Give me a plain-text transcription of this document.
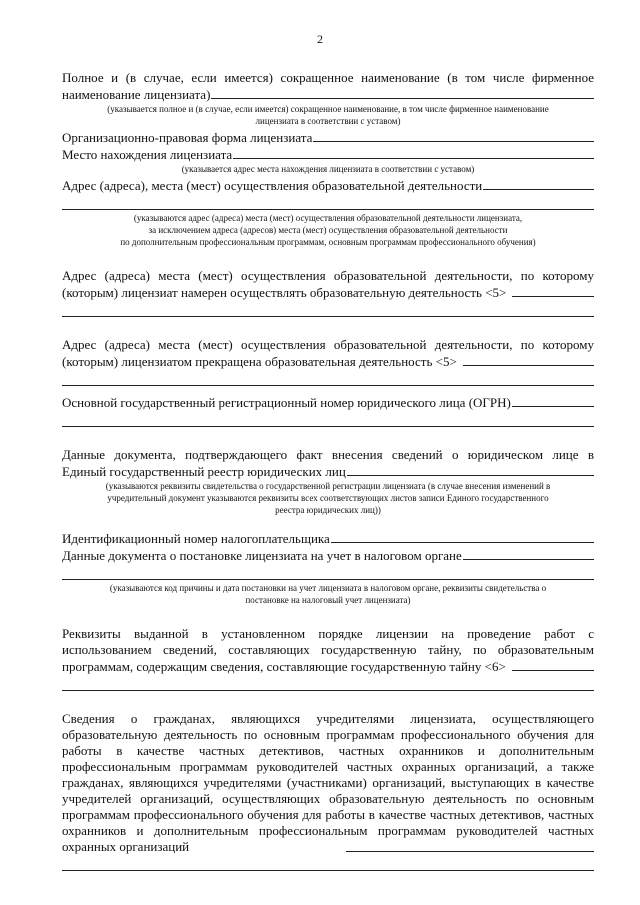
2

Полное и (в случае, если имеется) сокращенное наименование (в том числе фирменное

наименование лицензиата)

(указывается полное и (в случае, если имеется) сокращенное наименование, в том числе фирменное наименование

лицензиата в соответствии с уставом)

Организационно-правовая форма лицензиата
Место нахождения лицензиата

(указывается адрес места нахождения лицензиата в соответствии с уставом)

Адрес (адреса), места (мест) осуществления образовательной деятельности

(указываются адрес (адреса) места (мест) осуществления образовательной деятельности лицензиата,

за исключением адреса (адресов) места (мест) осуществления образовательной деятельности

по дополнительным профессиональным программам, основным программам профессионального обучения)

Адрес (адреса) места (мест) осуществления образовательной деятельности, по которому

(которым) лицензиат намерен осуществлять образовательную деятельность <5>

Адрес (адреса) места (мест) осуществления образовательной деятельности, по которому

(которым) лицензиатом прекращена образовательная деятельность <5>
Основной государственный регистрационный номер юридического лица (ОГРН)

Данные документа, подтверждающего факт внесения сведений о юридическом лице в

Единый государственный реестр юридических лиц

(указываются реквизиты свидетельства о государственной регистрации лицензиата (в случае внесения изменений в

учредительный документ указываются реквизиты всех соответствующих листов записи Единого государственного

реестра юридических лиц))

Идентификационный номер налогоплательщика
Данные документа о постановке лицензиата на учет в налоговом органе

(указываются код причины и дата постановки на учет лицензиата в налоговом органе, реквизиты свидетельства о

постановке на налоговый учет лицензиата)

Реквизиты выданной в установленном порядке лицензии на проведение работ с

использованием сведений, составляющих государственную тайну, по образовательным

программам, содержащим сведения, составляющие государственную тайну <6>

Сведения о гражданах, являющихся учредителями лицензиата, осуществляющего образовательную деятельность по основным программам профессионального обучения для работы в качестве частных детективов, частных охранников и дополнительным профессиональным программам руководителей частных охранных организаций, а также гражданах, являющихся учредителями (участниками) организаций, выступающих в качестве учредителей организаций, осуществляющих образовательную деятельность по основным программам профессионального обучения для работы в качестве частных детективов, частных охранников и дополнительным профессиональным программам руководителей частных охранных организаций
